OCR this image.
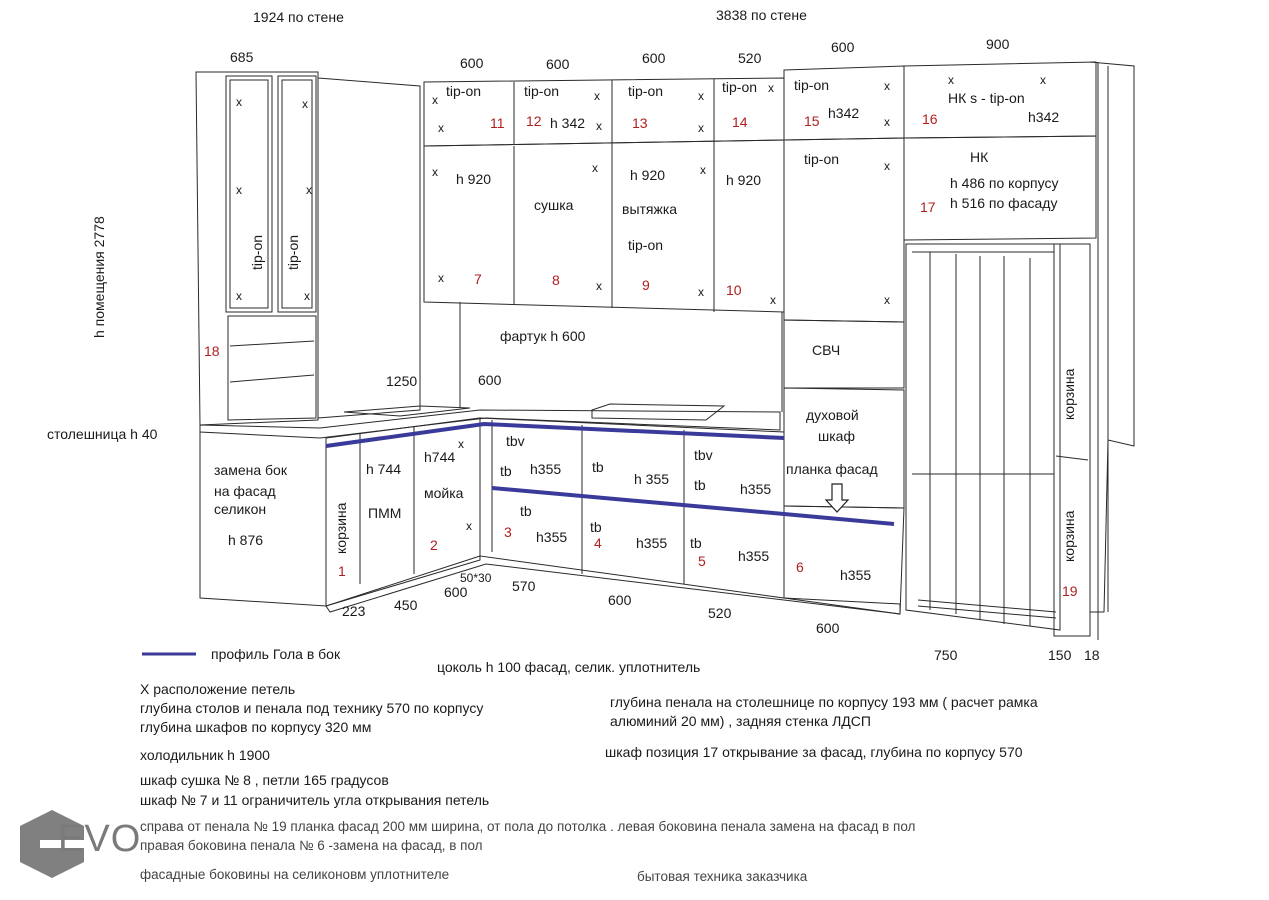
1924 по стене	3838 по стене
685	600	600	600	520
600	900
1250	600
h помещения 2778
столешница h 40
223 450
600
50*30 570
600
520
600
750	150 18
tip-on	tip-on	tip-on	tip-on	tip-on
tip-on
tip-on
tip-on tip-on
h 342
h342	h342
НК s - tip-on
НК
h 486 по корпусу
h 516 по фасаду
h 920	h 920	h 920
сушка	вытяжка
фартук h 600
СВЧ
духовой
шкаф
планка фасад
замена бок
на фасад
селикон
h 876
h 744
h744
ПММ
мойка
корзина
корзина
корзина
tbv
tbv
tb	tb
tb
tb
tb
tb
h355
h 355
h355
h355	h355
h355
h355
1
2
3
4
5	6
7	8	9	10
11 12	13	14	15	16
17
18
19
x	x
x	x
x	x
x
x
x
x
x
x
x
x
x
x
x
x
x
x
x
x
x
x
x	x
x
x
профиль Гола в бок
цоколь h 100 фасад, селик. уплотнитель
X расположение петель
глубина столов и пенала под технику 570 по корпусу
глубина шкафов по корпусу 320 мм
холодильник h 1900
шкаф сушка № 8 , петли 165 градусов
шкаф № 7 и 11 ограничитель угла открывания петель
справа от пенала № 19 планка фасад 200 мм ширина, от пола до потолка . левая боковина пенала замена на фасад в пол
правая боковина пенала № 6 -замена на фасад, в пол
фасадные боковины на селиконовм уплотнителе
глубина пенала на столешнице по корпусу 193 мм ( расчет рамка
алюминий 20 мм) , задняя стенка ЛДСП
шкаф позиция 17 открывание за фасад, глубина по корпусу 570
бытовая техника заказчика
EVO
